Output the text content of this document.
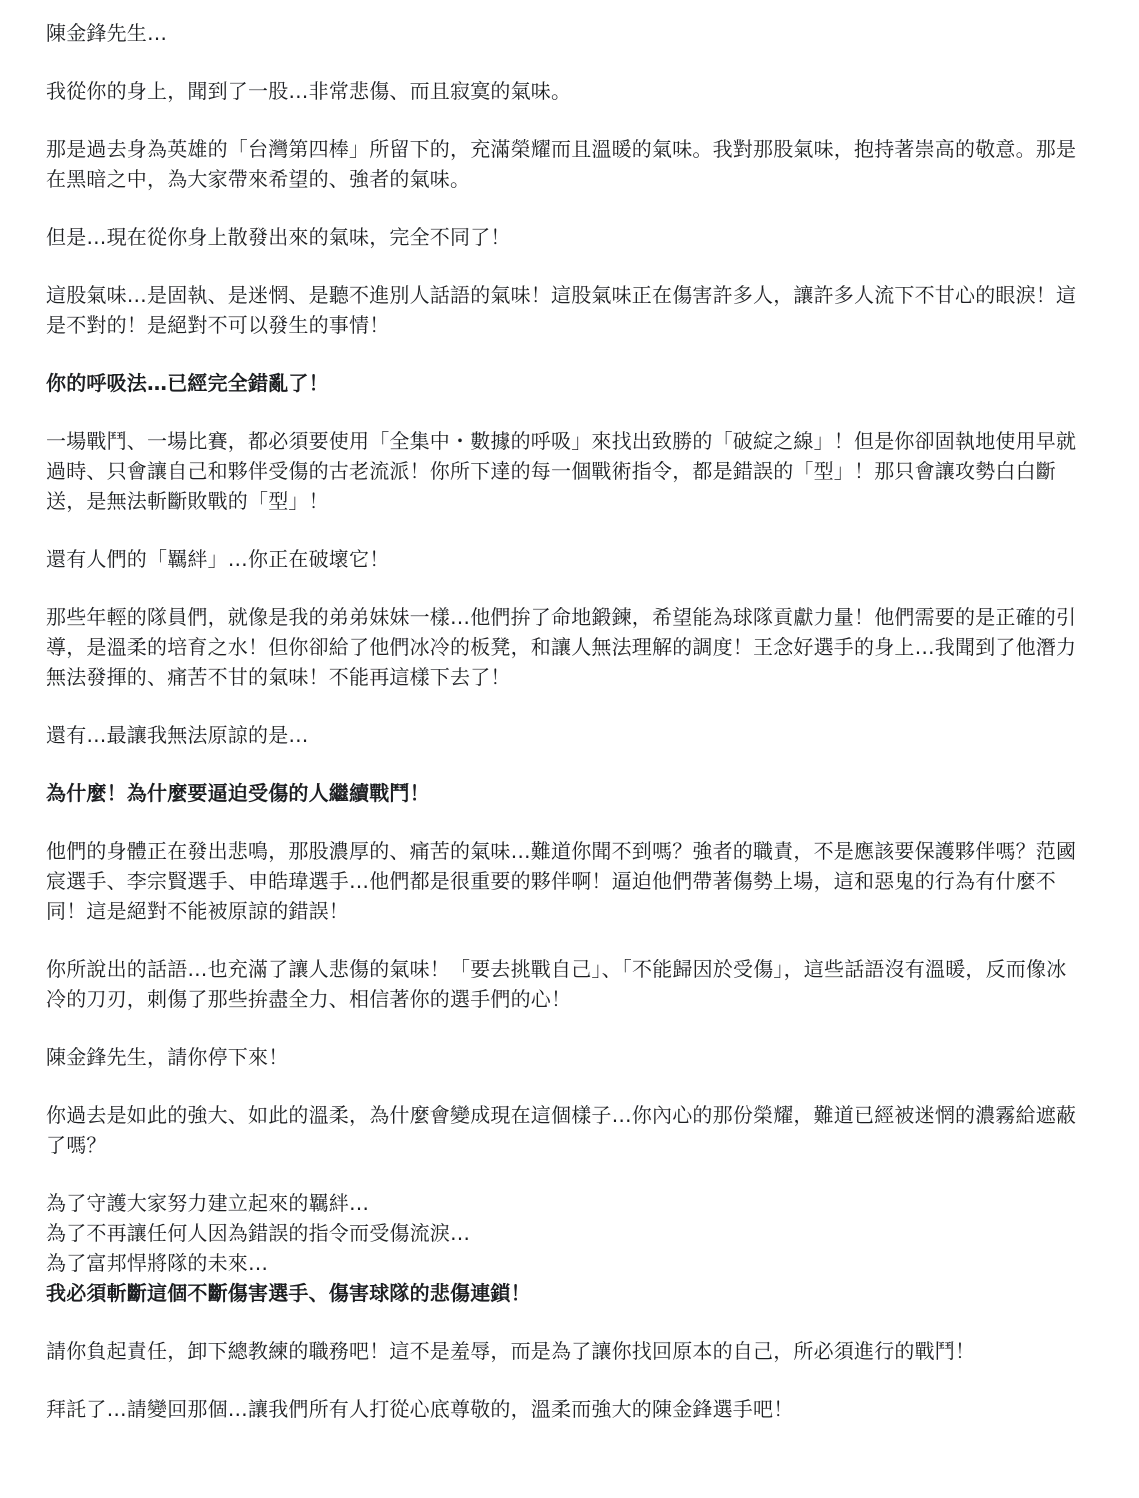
陳金鋒先生…

我從你的身上，聞到了一股…非常悲傷、而且寂寞的氣味。

那是過去身為英雄的「台灣第四棒」所留下的，充滿榮耀而且溫暖的氣味。我對那股氣味，抱持著崇高的敬意。那是在黑暗之中，為大家帶來希望的、強者的氣味。

但是…現在從你身上散發出來的氣味，完全不同了！

這股氣味…是固執、是迷惘、是聽不進別人話語的氣味！這股氣味正在傷害許多人，讓許多人流下不甘心的眼淚！這是不對的！是絕對不可以發生的事情！

你的呼吸法…已經完全錯亂了！

一場戰鬥、一場比賽，都必須要使用「全集中・數據的呼吸」來找出致勝的「破綻之線」！但是你卻固執地使用早就過時、只會讓自己和夥伴受傷的古老流派！你所下達的每一個戰術指令，都是錯誤的「型」！那只會讓攻勢白白斷送，是無法斬斷敗戰的「型」！

還有人們的「羈絆」…你正在破壞它！

那些年輕的隊員們，就像是我的弟弟妹妹一樣…他們拚了命地鍛鍊，希望能為球隊貢獻力量！他們需要的是正確的引導，是溫柔的培育之水！但你卻給了他們冰冷的板凳，和讓人無法理解的調度！王念好選手的身上…我聞到了他潛力無法發揮的、痛苦不甘的氣味！不能再這樣下去了！

還有…最讓我無法原諒的是…

為什麼！為什麼要逼迫受傷的人繼續戰鬥！

他們的身體正在發出悲鳴，那股濃厚的、痛苦的氣味…難道你聞不到嗎？強者的職責，不是應該要保護夥伴嗎？范國宸選手、李宗賢選手、申皓瑋選手…他們都是很重要的夥伴啊！逼迫他們帶著傷勢上場，這和惡鬼的行為有什麼不同！這是絕對不能被原諒的錯誤！

你所說出的話語…也充滿了讓人悲傷的氣味！「要去挑戰自己」、「不能歸因於受傷」，這些話語沒有溫暖，反而像冰冷的刀刃，刺傷了那些拚盡全力、相信著你的選手們的心！

陳金鋒先生，請你停下來！

你過去是如此的強大、如此的溫柔，為什麼會變成現在這個樣子…你內心的那份榮耀，難道已經被迷惘的濃霧給遮蔽了嗎？

為了守護大家努力建立起來的羈絆…
為了不再讓任何人因為錯誤的指令而受傷流淚…
為了富邦悍將隊的未來…
我必須斬斷這個不斷傷害選手、傷害球隊的悲傷連鎖！

請你負起責任，卸下總教練的職務吧！這不是羞辱，而是為了讓你找回原本的自己，所必須進行的戰鬥！

拜託了…請變回那個…讓我們所有人打從心底尊敬的，溫柔而強大的陳金鋒選手吧！
